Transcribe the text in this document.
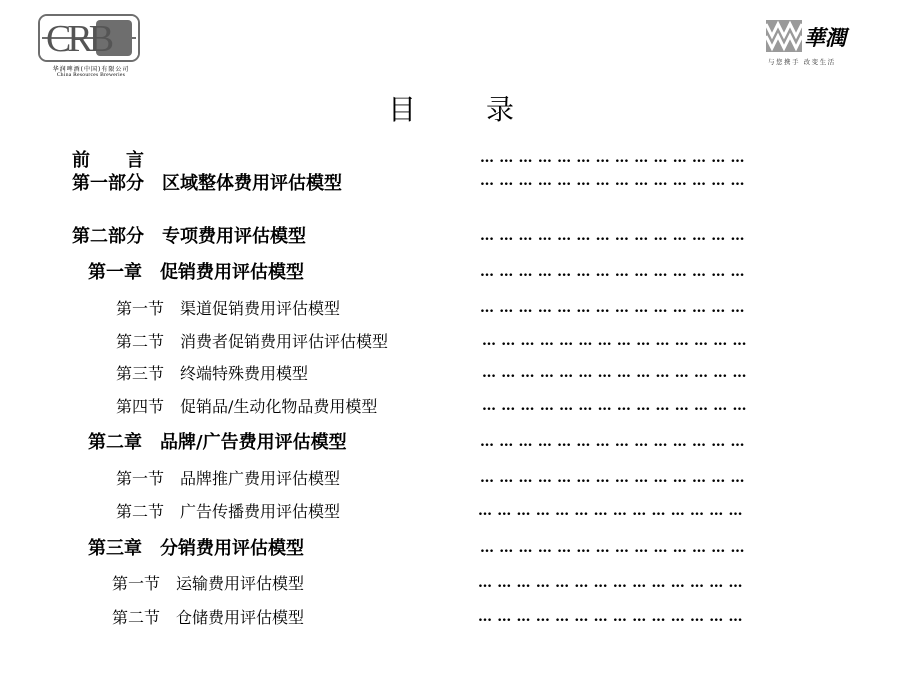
CRB
华润啤酒(中国)有限公司
China Resources Breweries
華潤
与您携手 改变生活
目	录
前　　言	… … … … … … … … … … … … … …
第一部分　区域整体费用评估模型	… … … … … … … … … … … … … …
第二部分　专项费用评估模型	… … … … … … … … … … … … … …
第一章　促销费用评估模型	… … … … … … … … … … … … … …
第一节　渠道促销费用评估模型	… … … … … … … … … … … … … …
第二节　消费者促销费用评估评估模型	… … … … … … … … … … … … … …
第三节　终端特殊费用模型	… … … … … … … … … … … … … …
第四节　促销品/生动化物品费用模型	… … … … … … … … … … … … … …
第二章　品牌/广告费用评估模型	… … … … … … … … … … … … … …
第一节　品牌推广费用评估模型	… … … … … … … … … … … … … …
第二节　广告传播费用评估模型	… … … … … … … … … … … … … …
第三章　分销费用评估模型	… … … … … … … … … … … … … …
第一节　运输费用评估模型	… … … … … … … … … … … … … …
第二节　仓储费用评估模型	… … … … … … … … … … … … … …
